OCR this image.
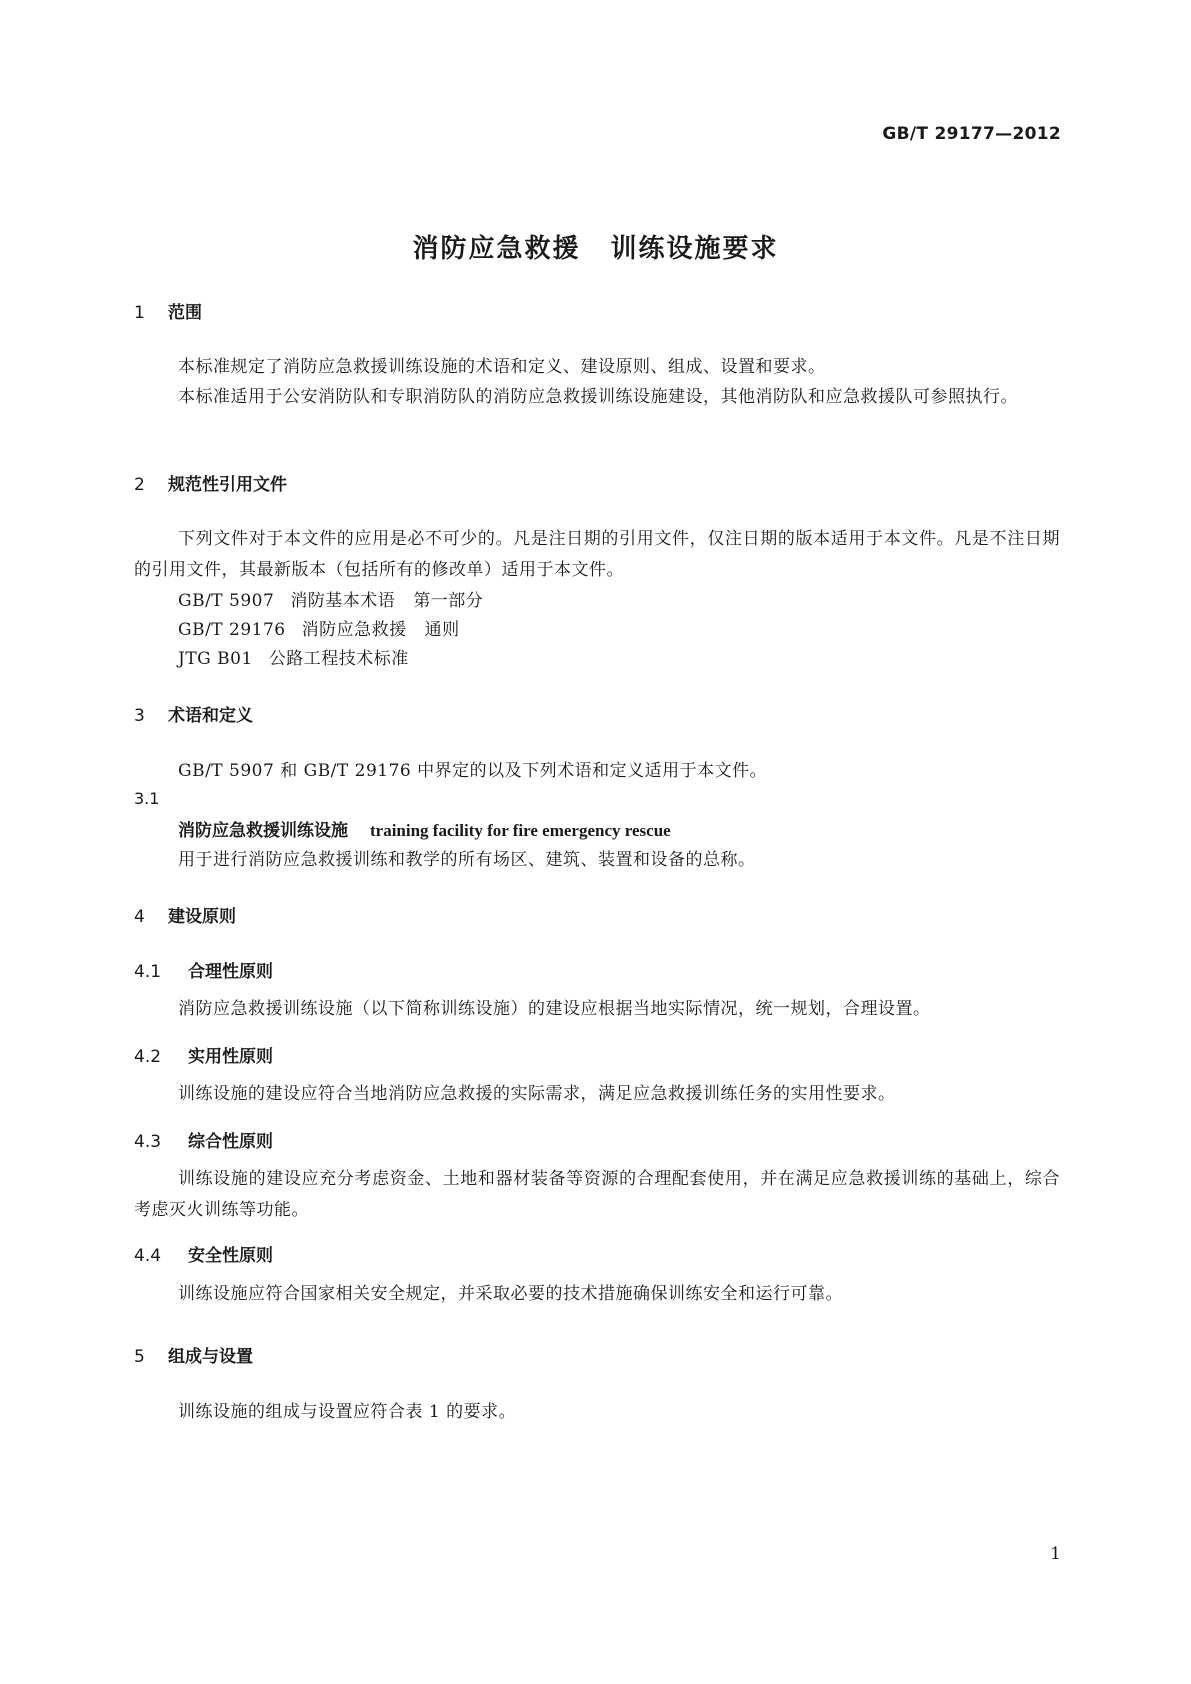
GB/T 29177—2012
消防应急救援 训练设施要求
1 范围
本标准规定了消防应急救援训练设施的术语和定义、建设原则、组成、设置和要求。
本标准适用于公安消防队和专职消防队的消防应急救援训练设施建设，其他消防队和应急救援队可参照执行。
2 规范性引用文件
下列文件对于本文件的应用是必不可少的。凡是注日期的引用文件，仅注日期的版本适用于本文件。凡是不注日期的引用文件，其最新版本（包括所有的修改单）适用于本文件。
GB/T 5907 消防基本术语 第一部分
GB/T 29176 消防应急救援 通则
JTG B01 公路工程技术标准
3 术语和定义
GB/T 5907 和 GB/T 29176 中界定的以及下列术语和定义适用于本文件。
3.1
消防应急救援训练设施 training facility for fire emergency rescue
用于进行消防应急救援训练和教学的所有场区、建筑、装置和设备的总称。
4 建设原则
4.1 合理性原则
消防应急救援训练设施（以下简称训练设施）的建设应根据当地实际情况，统一规划，合理设置。
4.2 实用性原则
训练设施的建设应符合当地消防应急救援的实际需求，满足应急救援训练任务的实用性要求。
4.3 综合性原则
训练设施的建设应充分考虑资金、土地和器材装备等资源的合理配套使用，并在满足应急救援训练的基础上，综合考虑灭火训练等功能。
4.4 安全性原则
训练设施应符合国家相关安全规定，并采取必要的技术措施确保训练安全和运行可靠。
5 组成与设置
训练设施的组成与设置应符合表 1 的要求。
1
